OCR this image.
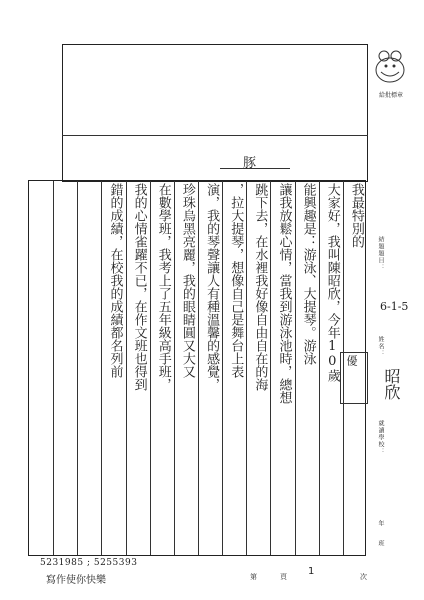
豚
給批標章
我最特別的
大家好，我叫陳昭欣，今年10歲
能興趣是：游泳、大提琴。游泳
讓我放鬆心情，當我到游泳池時，總想
跳下去，在水裡我好像自由自在的海
，拉大提琴，想像自己是舞台上表
演，我的琴聲讓人有種溫馨的感覺，
珍珠烏黑亮麗，我的眼睛圓又大又
在數學班，我考上了五年級高手班，
我的心情雀躍不已，在作文班也得到
錯的成績，在校我的成績都名列前	結題題目：
姓名：
就讀學校：
年
班
6-1-5
昭欣
優
5231985 ; 5255393
寫作使你快樂	第	1
頁	次
